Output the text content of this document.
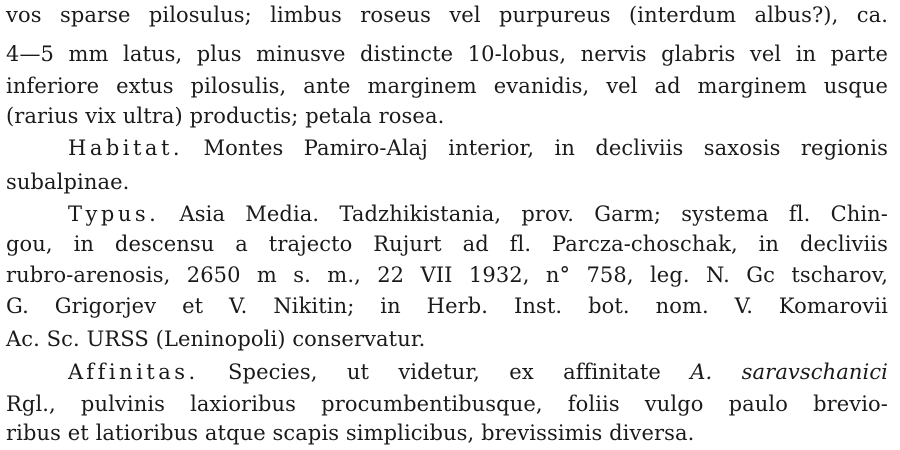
vos sparse pilosulus; limbus roseus vel purpureus (interdum albus?), ca.
4—5 mm latus, plus minusve distincte 10-lobus, nervis glabris vel in parte
inferiore extus pilosulis, ante marginem evanidis, vel ad marginem usque
(rarius vix ultra) productis; petala rosea.
Habitat. Montes Pamiro-Alaj interior, in decliviis saxosis regionis
subalpinae.
Typus. Asia Media. Tadzhikistania, prov. Garm; systema fl. Chin-
gou, in descensu a trajecto Rujurt ad fl. Parcza-choschak, in decliviis
rubro-arenosis, 2650 m s. m., 22 VII 1932, n° 758, leg. N. Gc tscharov,
G. Grigorjev et V. Nikitin; in Herb. Inst. bot. nom. V. Komarovii
Ac. Sc. URSS (Leninopoli) conservatur.
Affinitas. Species, ut videtur, ex affinitate A. saravschanici
Rgl., pulvinis laxioribus procumbentibusque, foliis vulgo paulo brevio-
ribus et latioribus atque scapis simplicibus, brevissimis diversa.
